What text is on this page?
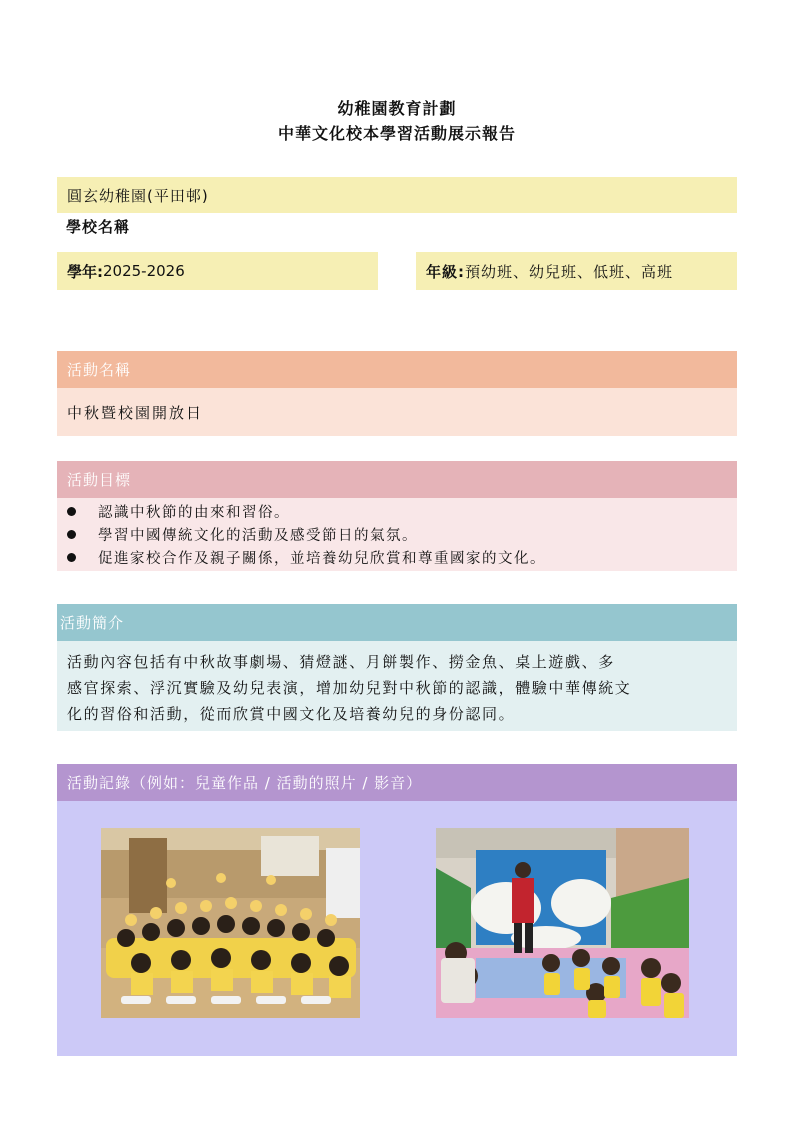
幼稚園教育計劃
中華文化校本學習活動展示報告
圓玄幼稚園(平田邨)
學校名稱
學年: 2025-2026	年級: 預幼班、幼兒班、低班、高班
活動名稱
中秋暨校園開放日
活動目標
認識中秋節的由來和習俗。
學習中國傳統文化的活動及感受節日的氣氛。
促進家校合作及親子關係，並培養幼兒欣賞和尊重國家的文化。
活動簡介
活動內容包括有中秋故事劇場、猜燈謎、月餅製作、撈金魚、桌上遊戲、多
感官探索、浮沉實驗及幼兒表演，增加幼兒對中秋節的認識，體驗中華傳統文
化的習俗和活動，從而欣賞中國文化及培養幼兒的身份認同。
活動記錄（例如：兒童作品 / 活動的照片 / 影音）
